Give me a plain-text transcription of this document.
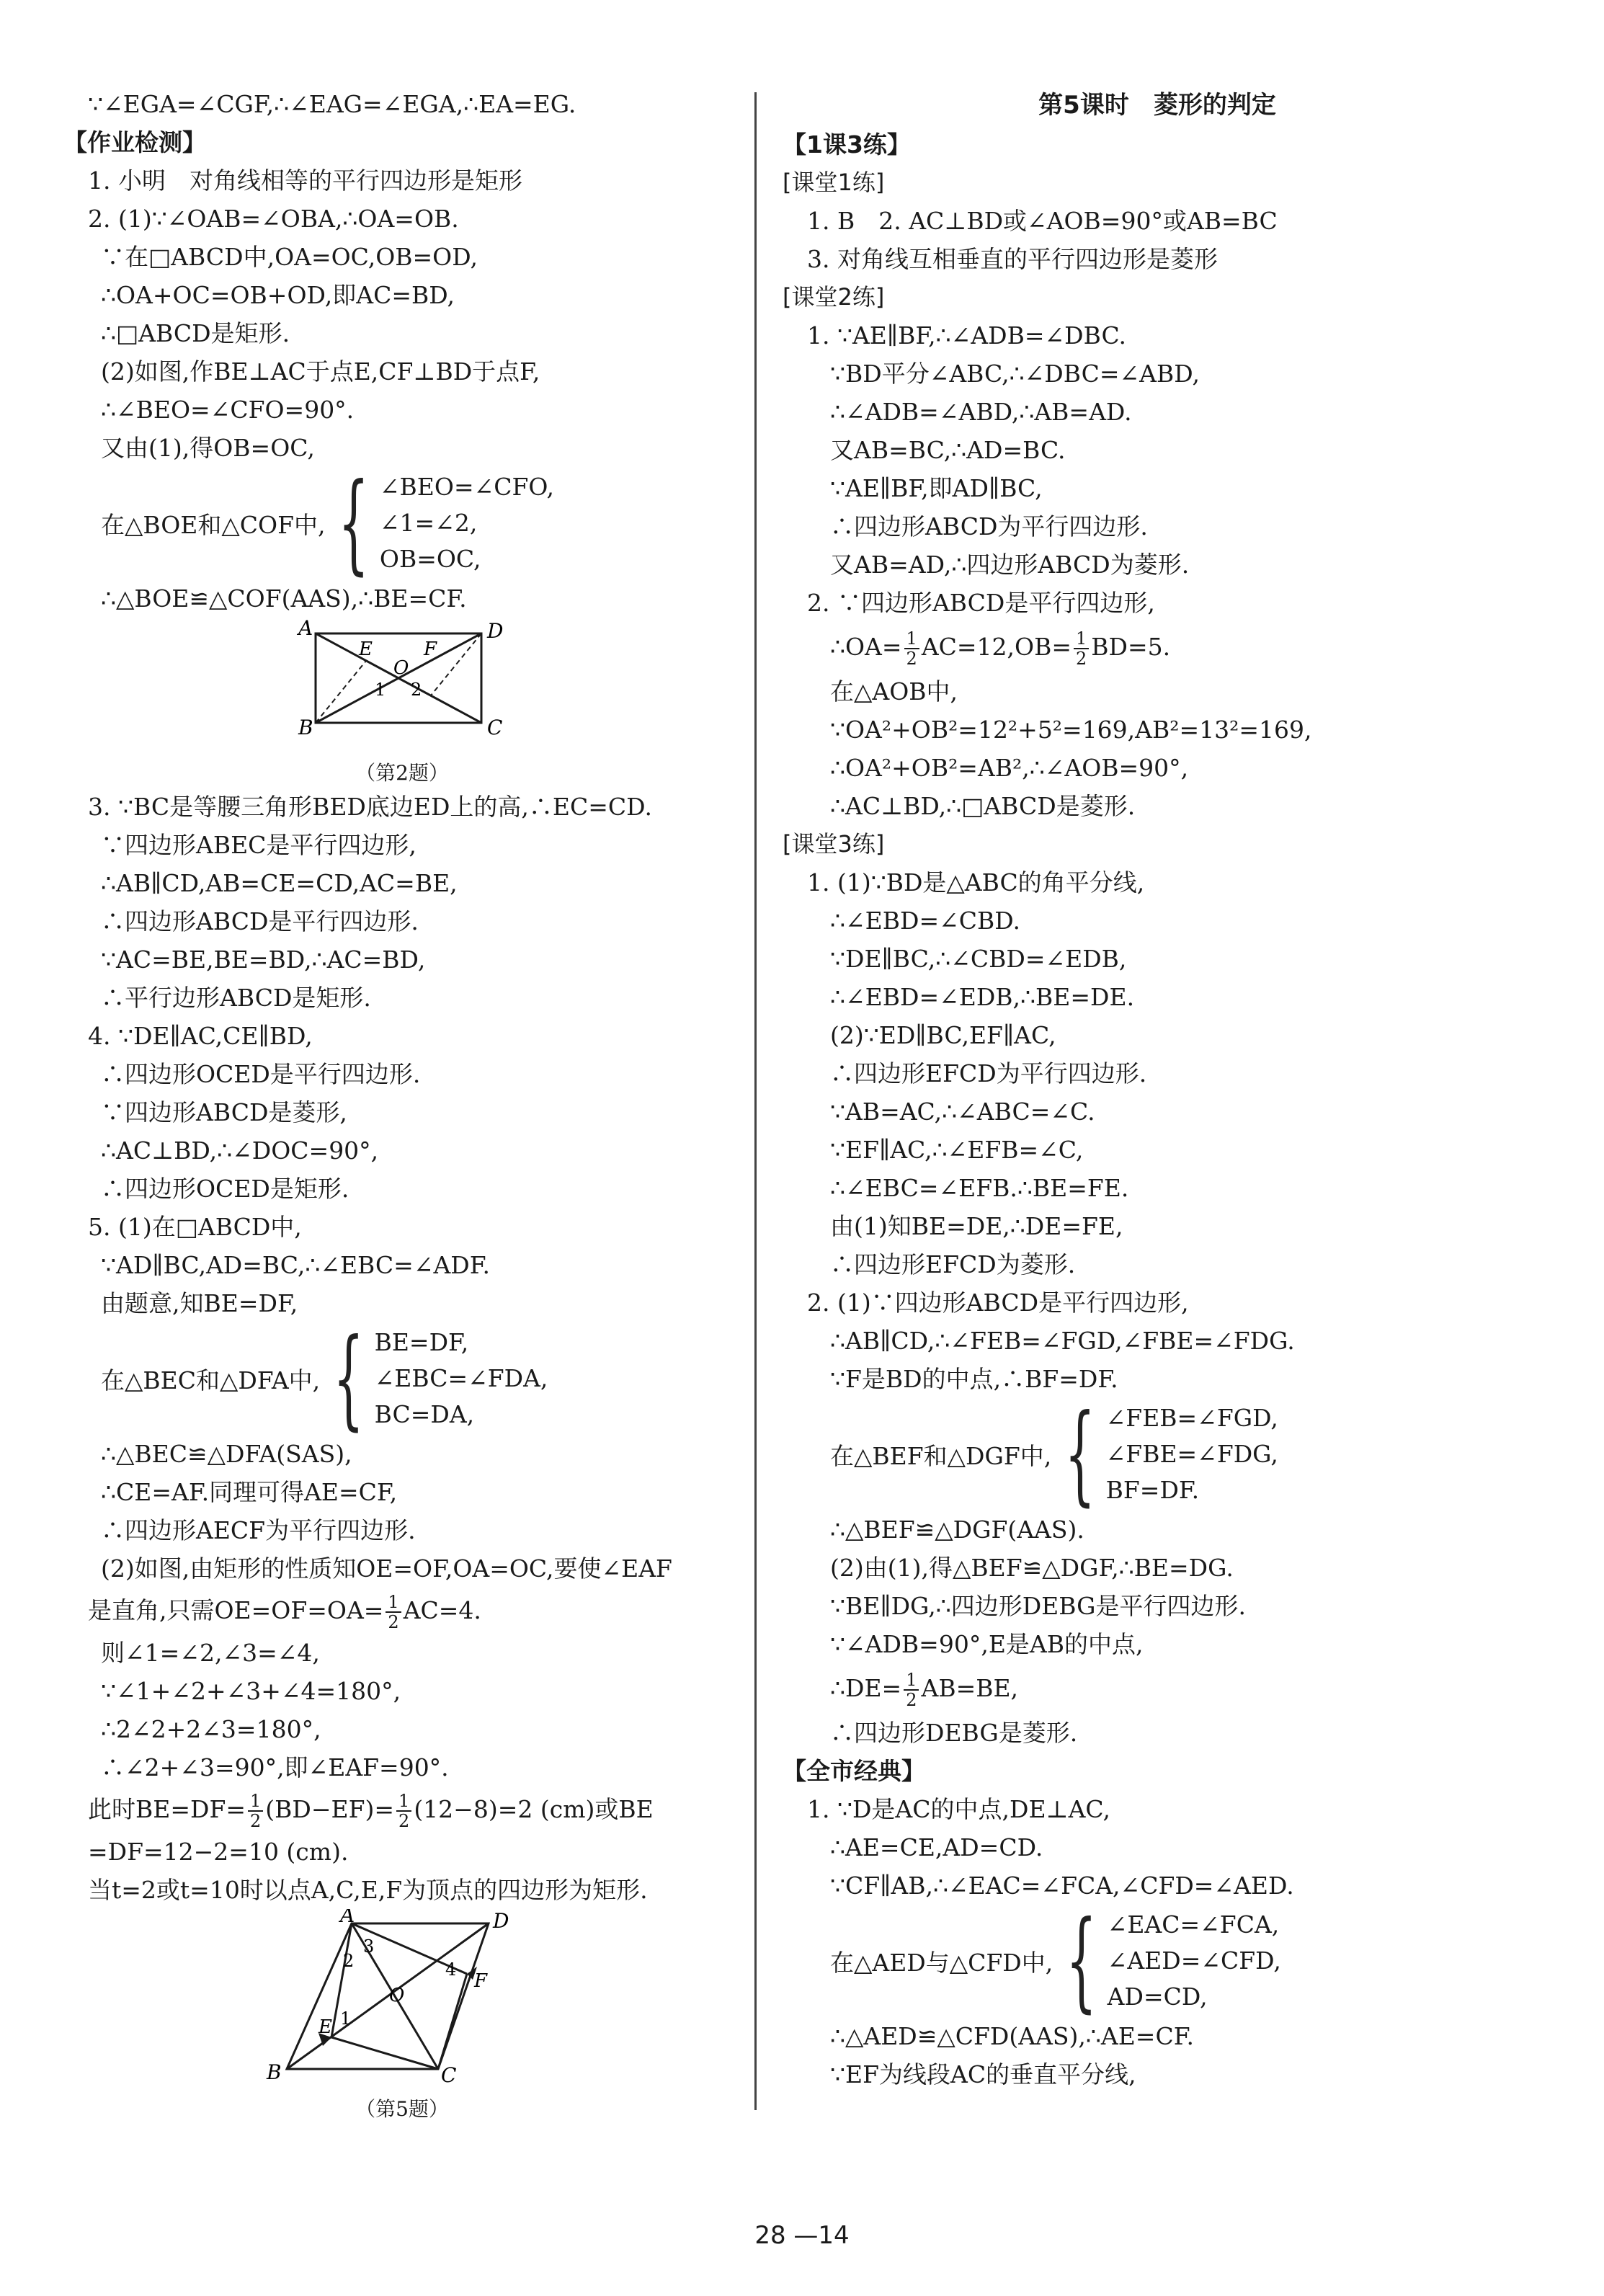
∵∠EGA=∠CGF,∴∠EAG=∠EGA,∴EA=EG.
【作业检测】
1. 小明　对角线相等的平行四边形是矩形
2. (1)∵∠OAB=∠OBA,∴OA=OB.
∵在□ABCD中,OA=OC,OB=OD,
∴OA+OC=OB+OD,即AC=BD,
∴□ABCD是矩形.
(2)如图,作BE⊥AC于点E,CF⊥BD于点F,
∴∠BEO=∠CFO=90°.
又由(1),得OB=OC,
在△BOE和△COF中, { ∠BEO=∠CFO,
∠1=∠2,
OB=OC,
∴△BOE≌△COF(AAS),∴BE=CF.
A	D
B	C
E	F
O
1 2
（第2题）
3. ∵BC是等腰三角形BED底边ED上的高,∴EC=CD.
∵四边形ABEC是平行四边形,
∴AB∥CD,AB=CE=CD,AC=BE,
∴四边形ABCD是平行四边形.
∵AC=BE,BE=BD,∴AC=BD,
∴平行边形ABCD是矩形.
4. ∵DE∥AC,CE∥BD,
∴四边形OCED是平行四边形.
∵四边形ABCD是菱形,
∴AC⊥BD,∴∠DOC=90°,
∴四边形OCED是矩形.
5. (1)在□ABCD中,
∵AD∥BC,AD=BC,∴∠EBC=∠ADF.
由题意,知BE=DF,
在△BEC和△DFA中, { BE=DF,
∠EBC=∠FDA,
BC=DA,
∴△BEC≌△DFA(SAS),
∴CE=AF.同理可得AE=CF,
∴四边形AECF为平行四边形.
(2)如图,由矩形的性质知OE=OF,OA=OC,要使∠EAF
是直角,只需$OE=OF=OA= \frac{1}{2} AC=4$.
则∠1=∠2,∠3=∠4,
∵∠1+∠2+∠3+∠4=180°,
∴2∠2+2∠3=180°,
∴∠2+∠3=90°,即∠EAF=90°.
此时$BE=DF= \frac{1}{2} (BD-EF)= \frac{1}{2} (12-8)=2$ (cm)或BE
=DF=12−2=10 (cm).
当t=2或t=10时以点A,C,E,F为顶点的四边形为矩形.
A	D
B	C
E
F
O
1
2
3
4
（第5题）
第5课时　菱形的判定
【1课3练】
[课堂1练]
1. B　2. AC⊥BD或∠AOB=90°或AB=BC
3. 对角线互相垂直的平行四边形是菱形
[课堂2练]
1. ∵AE∥BF,∴∠ADB=∠DBC.
∵BD平分∠ABC,∴∠DBC=∠ABD,
∴∠ADB=∠ABD,∴AB=AD.
又AB=BC,∴AD=BC.
∵AE∥BF,即AD∥BC,
∴四边形ABCD为平行四边形.
又AB=AD,∴四边形ABCD为菱形.
2. ∵四边形ABCD是平行四边形,
∴OA= $\frac{1}{2} AC=12,OB= \frac{1}{2} BD=5$.
在△AOB中,
∵OA²+OB²=12²+5²=169,AB²=13²=169,
∴OA²+OB²=AB²,∴∠AOB=90°,
∴AC⊥BD,∴□ABCD是菱形.
[课堂3练]
1. (1)∵BD是△ABC的角平分线,
∴∠EBD=∠CBD.
∵DE∥BC,∴∠CBD=∠EDB,
∴∠EBD=∠EDB,∴BE=DE.
(2)∵ED∥BC,EF∥AC,
∴四边形EFCD为平行四边形.
∵AB=AC,∴∠ABC=∠C.
∵EF∥AC,∴∠EFB=∠C,
∴∠EBC=∠EFB.∴BE=FE.
由(1)知BE=DE,∴DE=FE,
∴四边形EFCD为菱形.
2. (1)∵四边形ABCD是平行四边形,
∴AB∥CD,∴∠FEB=∠FGD,∠FBE=∠FDG.
∵F是BD的中点,∴BF=DF.
在△BEF和△DGF中, { ∠FEB=∠FGD,
∠FBE=∠FDG,
BF=DF.
∴△BEF≌△DGF(AAS).
(2)由(1),得△BEF≌△DGF,∴BE=DG.
∵BE∥DG,∴四边形DEBG是平行四边形.
∵∠ADB=90°,E是AB的中点,
∴DE= $\frac{1}{2} AB=BE$,
∴四边形DEBG是菱形.
【全市经典】
1. ∵D是AC的中点,DE⊥AC,
∴AE=CE,AD=CD.
∵CF∥AB,∴∠EAC=∠FCA,∠CFD=∠AED.
在△AED与△CFD中, { ∠EAC=∠FCA,
∠AED=∠CFD,
AD=CD,
∴△AED≌△CFD(AAS),∴AE=CF.
∵EF为线段AC的垂直平分线,
28 —14
